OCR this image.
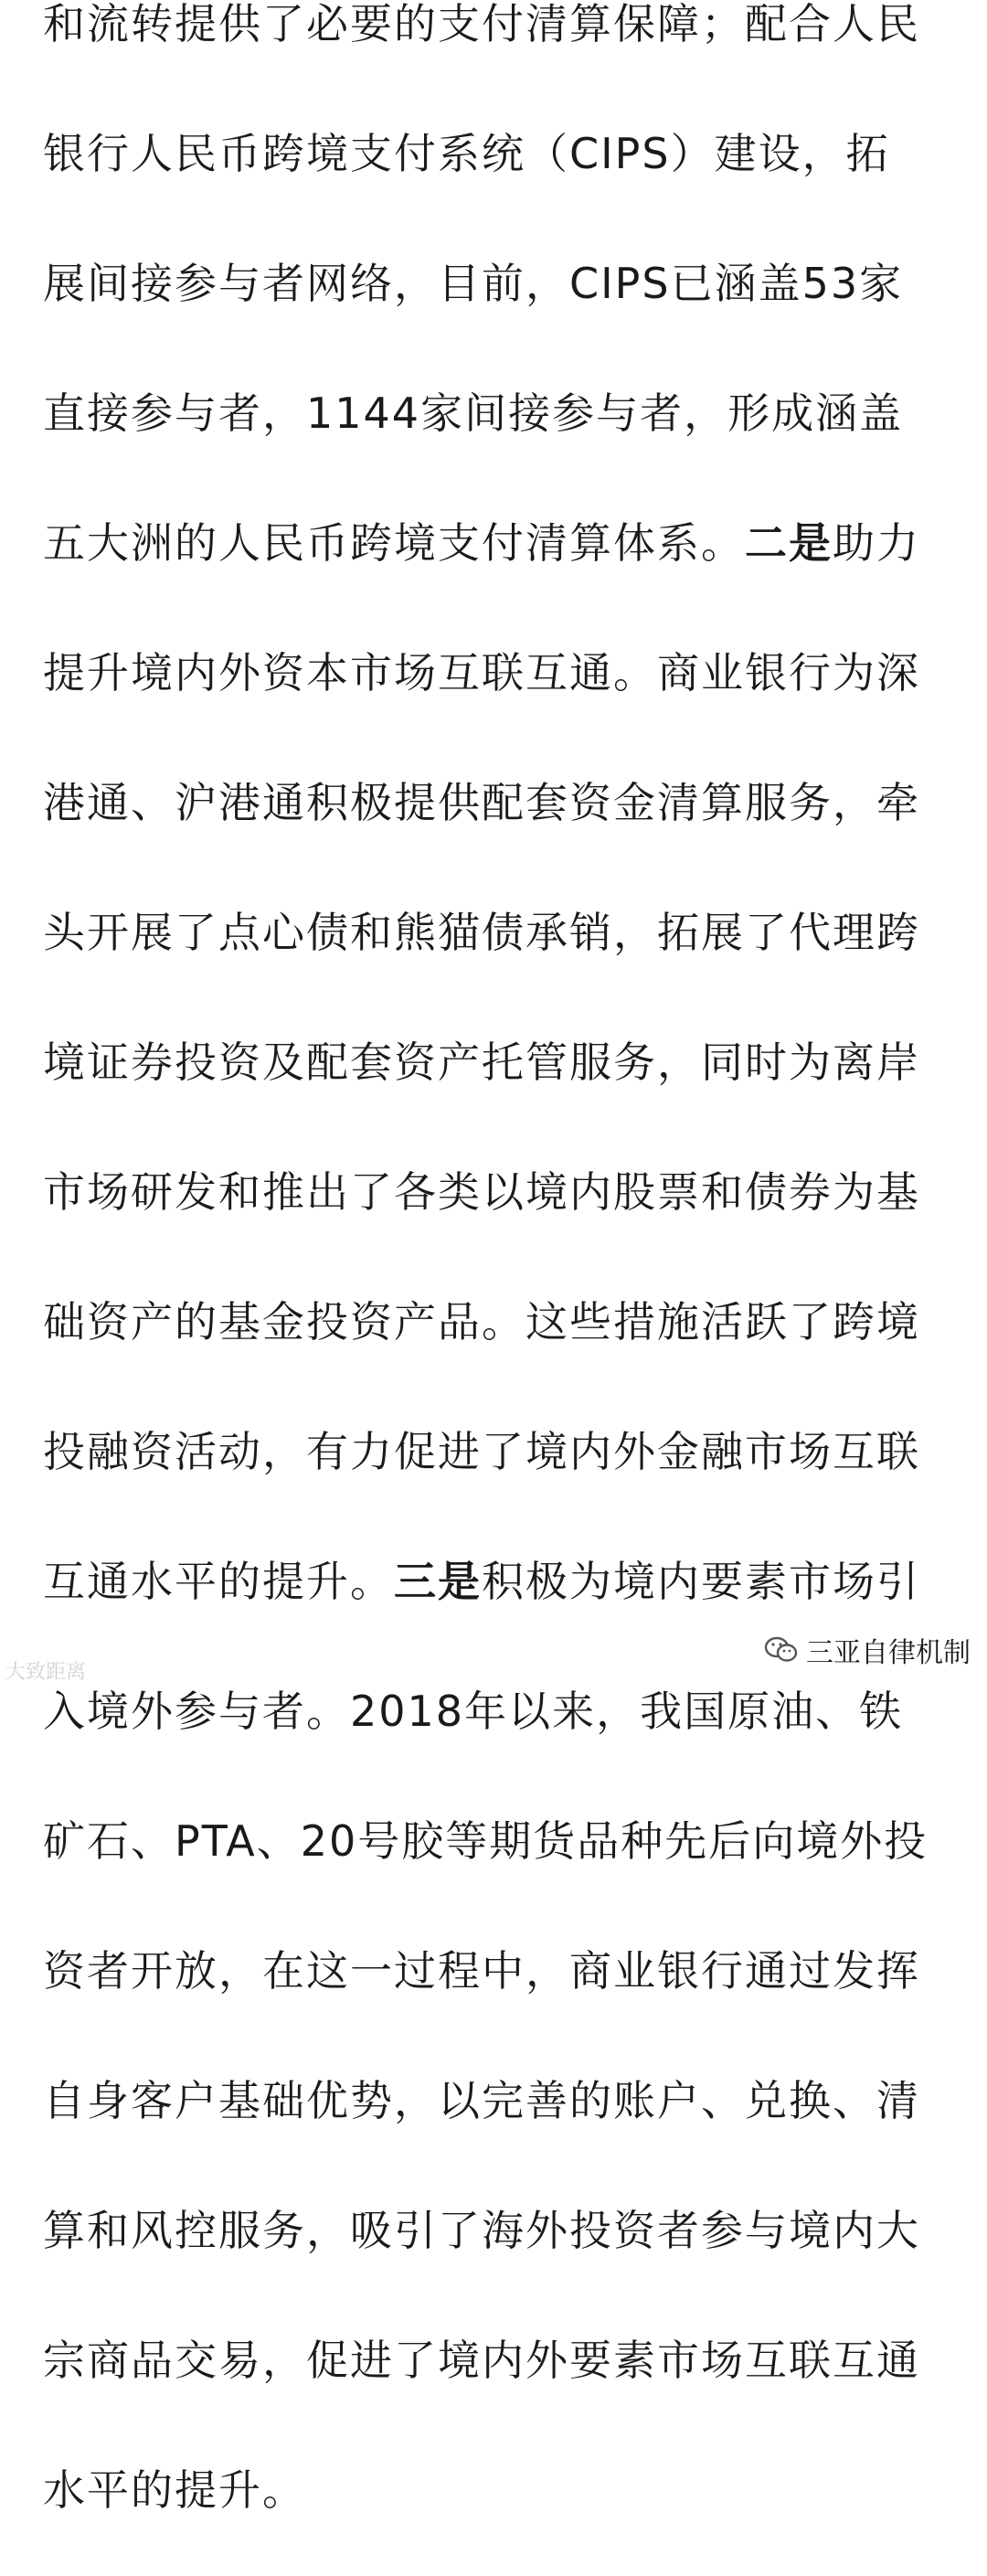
和流转提供了必要的支付清算保障；配合人民

银行人民币跨境支付系统（CIPS）建设，拓

展间接参与者网络，目前，CIPS已涵盖53家

直接参与者，1144家间接参与者，形成涵盖

五大洲的人民币跨境支付清算体系。二是助力

提升境内外资本市场互联互通。商业银行为深

港通、沪港通积极提供配套资金清算服务，牵

头开展了点心债和熊猫债承销，拓展了代理跨

境证券投资及配套资产托管服务，同时为离岸

市场研发和推出了各类以境内股票和债券为基

础资产的基金投资产品。这些措施活跃了跨境

投融资活动，有力促进了境内外金融市场互联

互通水平的提升。三是积极为境内要素市场引

入境外参与者。2018年以来，我国原油、铁

矿石、PTA、20号胶等期货品种先后向境外投

资者开放，在这一过程中，商业银行通过发挥

自身客户基础优势，以完善的账户、兑换、清

算和风控服务，吸引了海外投资者参与境内大

宗商品交易，促进了境内外要素市场互联互通

水平的提升。

大致距离
三亚自律机制
